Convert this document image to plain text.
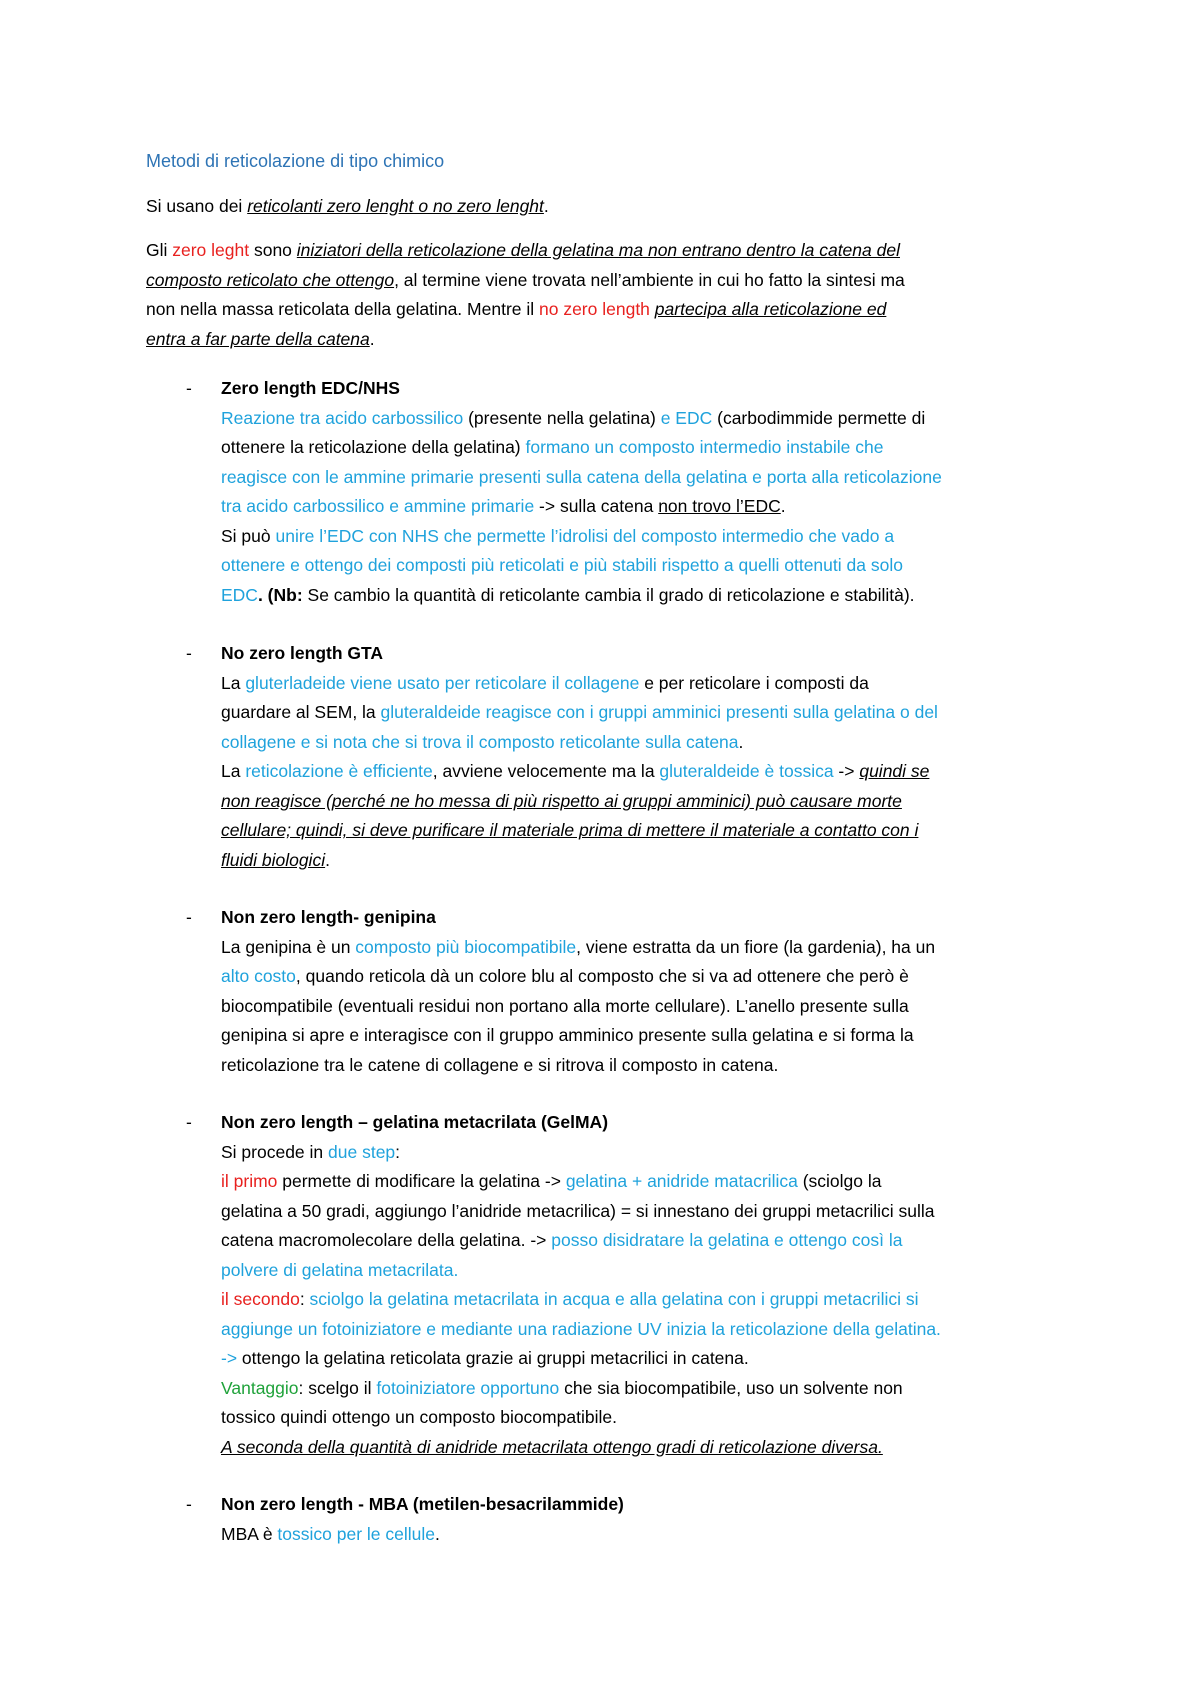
Metodi di reticolazione di tipo chimico

Si usano dei reticolanti zero lenght o no zero lenght.

Gli zero leght sono iniziatori della reticolazione della gelatina ma non entrano dentro la catena del
composto reticolato che ottengo, al termine viene trovata nell’ambiente in cui ho fatto la sintesi ma
non nella massa reticolata della gelatina. Mentre il no zero length partecipa alla reticolazione ed
entra a far parte della catena.
-	Zero length EDC/NHS
Reazione tra acido carbossilico (presente nella gelatina) e EDC (carbodimmide permette di
ottenere la reticolazione della gelatina) formano un composto intermedio instabile che
reagisce con le ammine primarie presenti sulla catena della gelatina e porta alla reticolazione
tra acido carbossilico e ammine primarie -> sulla catena non trovo l’EDC.
Si può unire l’EDC con NHS che permette l’idrolisi del composto intermedio che vado a
ottenere e ottengo dei composti più reticolati e più stabili rispetto a quelli ottenuti da solo
EDC. (Nb: Se cambio la quantità di reticolante cambia il grado di reticolazione e stabilità).
-	No zero length GTA
La gluterladeide viene usato per reticolare il collagene e per reticolare i composti da
guardare al SEM, la gluteraldeide reagisce con i gruppi amminici presenti sulla gelatina o del
collagene e si nota che si trova il composto reticolante sulla catena.
La reticolazione è efficiente, avviene velocemente ma la gluteraldeide è tossica -> quindi se
non reagisce (perché ne ho messa di più rispetto ai gruppi amminici) può causare morte
cellulare; quindi, si deve purificare il materiale prima di mettere il materiale a contatto con i
fluidi biologici.
-	Non zero length- genipina
La genipina è un composto più biocompatibile, viene estratta da un fiore (la gardenia), ha un
alto costo, quando reticola dà un colore blu al composto che si va ad ottenere che però è
biocompatibile (eventuali residui non portano alla morte cellulare). L’anello presente sulla
genipina si apre e interagisce con il gruppo amminico presente sulla gelatina e si forma la
reticolazione tra le catene di collagene e si ritrova il composto in catena.
-	Non zero length – gelatina metacrilata (GelMA)
Si procede in due step:
il primo permette di modificare la gelatina -> gelatina + anidride matacrilica (sciolgo la
gelatina a 50 gradi, aggiungo l’anidride metacrilica) = si innestano dei gruppi metacrilici sulla
catena macromolecolare della gelatina. -> posso disidratare la gelatina e ottengo così la
polvere di gelatina metacrilata.
il secondo: sciolgo la gelatina metacrilata in acqua e alla gelatina con i gruppi metacrilici si
aggiunge un fotoiniziatore e mediante una radiazione UV inizia la reticolazione della gelatina.
-> ottengo la gelatina reticolata grazie ai gruppi metacrilici in catena.
Vantaggio: scelgo il fotoiniziatore opportuno che sia biocompatibile, uso un solvente non
tossico quindi ottengo un composto biocompatibile.
A seconda della quantità di anidride metacrilata ottengo gradi di reticolazione diversa.
-	Non zero length - MBA (metilen-besacrilammide)
MBA è tossico per le cellule.
